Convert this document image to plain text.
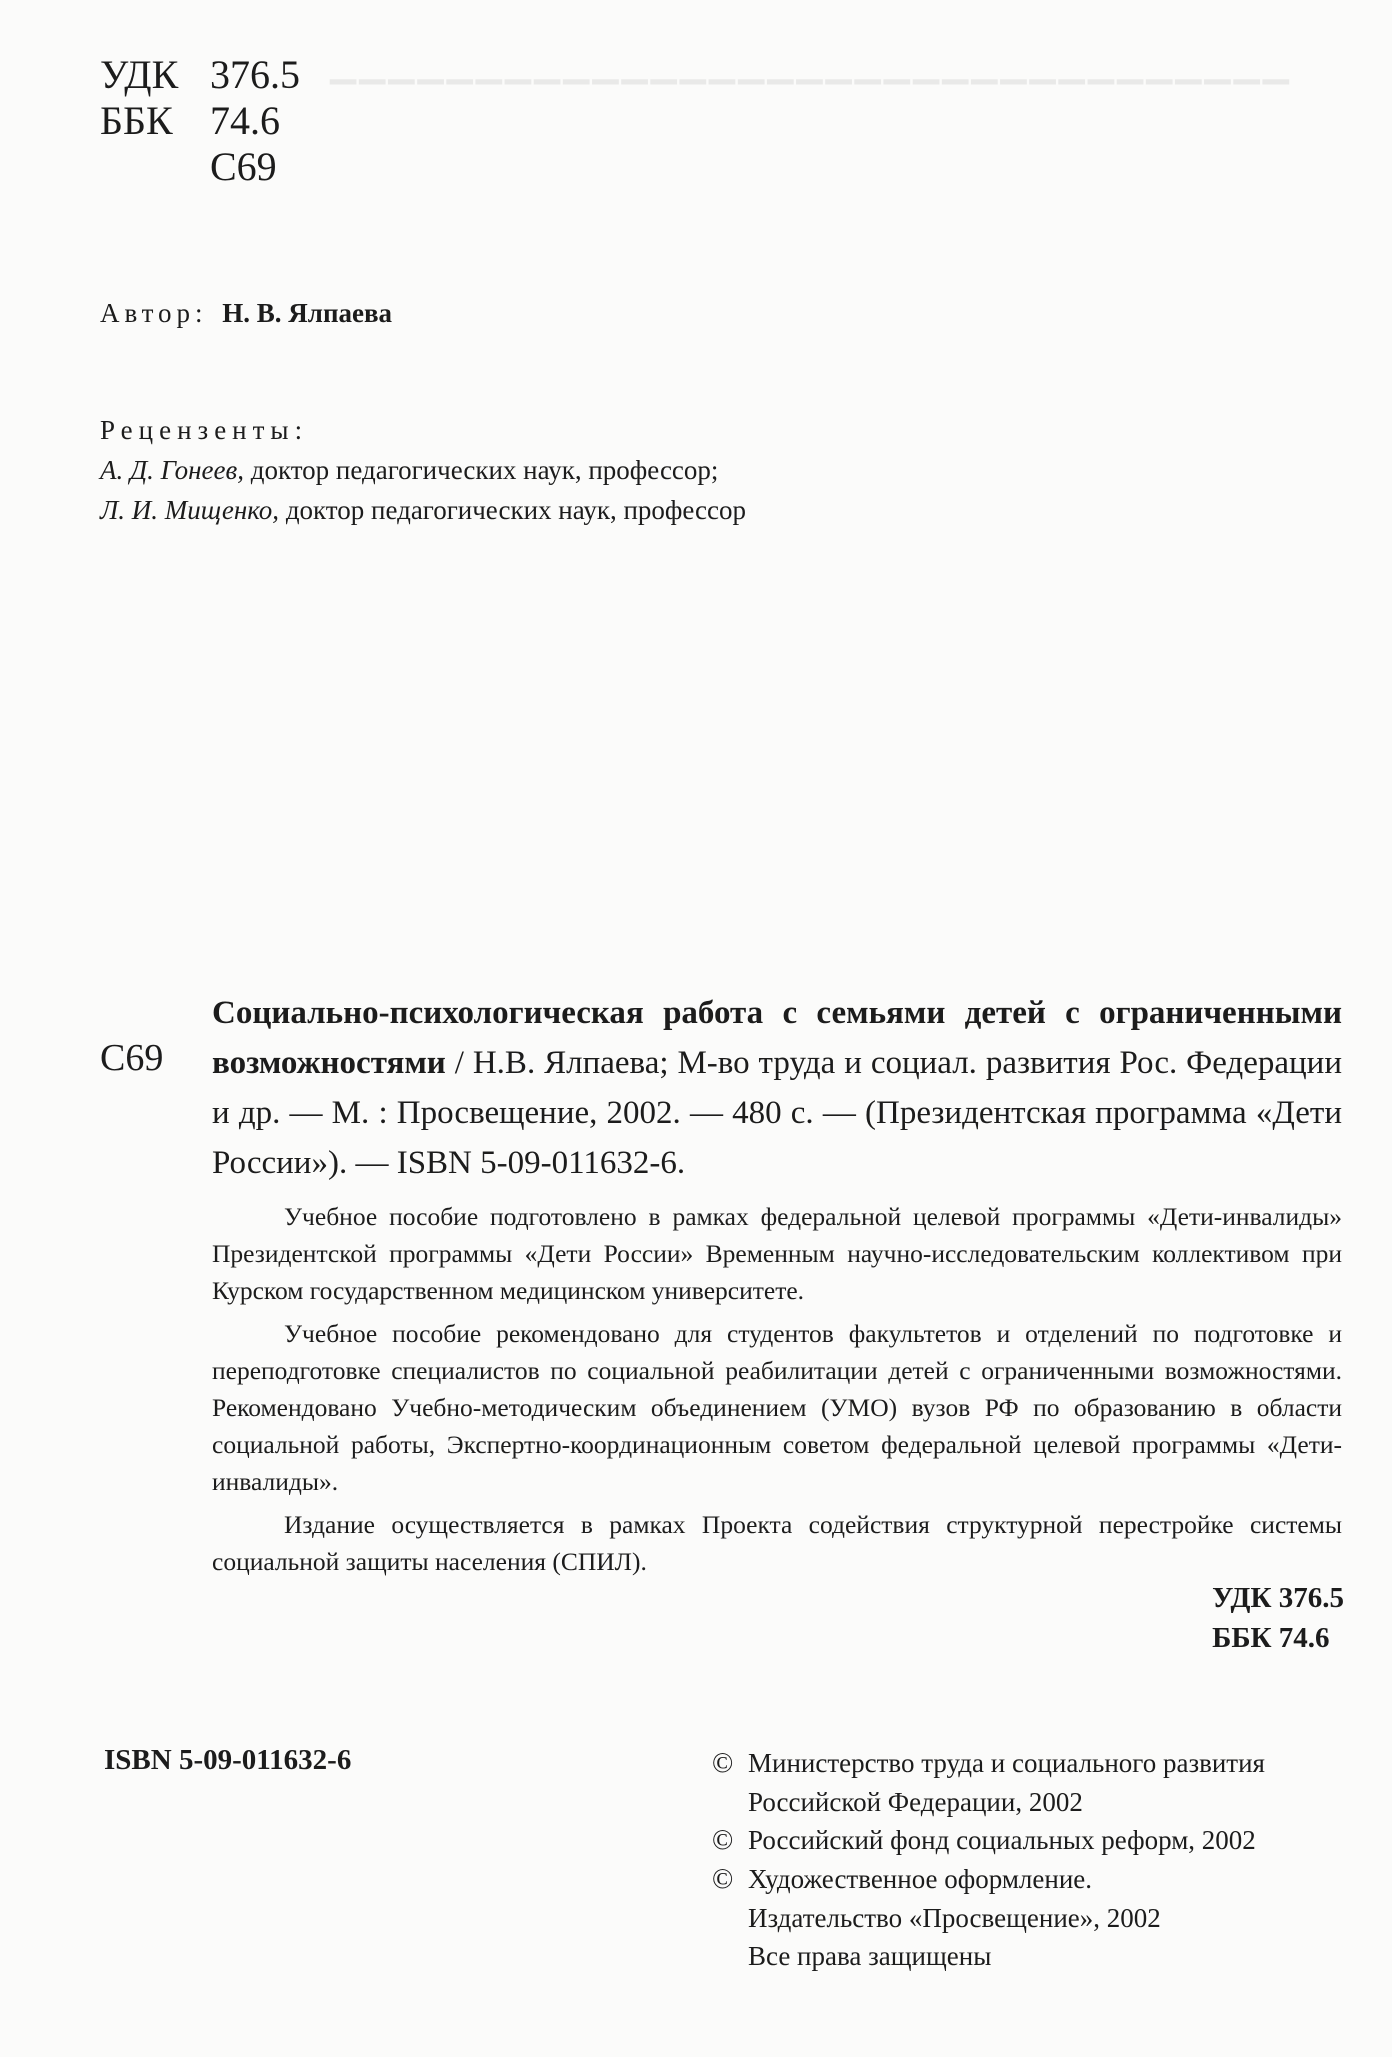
▁▁▁▁▁▁▁▁▁▁▁▁▁▁▁▁▁▁▁▁▁▁▁▁▁▁▁▁▁▁▁▁▁
УДК 376.5
ББК 74.6
С69
Автор: Н. В. Ялпаева
Рецензенты:
А. Д. Гонеев, доктор педагогических наук, профессор;
Л. И. Мищенко, доктор педагогических наук, профессор
С69

Социально-психологическая работа с семьями детей с ограниченными возможностями / Н.В. Ялпаева; М-во труда и социал. развития Рос. Федерации и др. — М. : Просвещение, 2002. — 480 с. — (Президентская программа «Дети России»). — ISBN 5-09-011632-6.

Учебное пособие подготовлено в рамках федеральной целевой программы «Дети-инвалиды» Президентской программы «Дети России» Временным научно-исследовательским коллективом при Курском государственном медицинском университете.

Учебное пособие рекомендовано для студентов факультетов и отделений по подготовке и переподготовке специалистов по социальной реабилитации детей с ограниченными возможностями. Рекомендовано Учебно-методическим объединением (УМО) вузов РФ по образованию в области социальной работы, Экспертно-координационным советом федеральной целевой программы «Дети-инвалиды».

Издание осуществляется в рамках Проекта содействия структурной перестройке системы социальной защиты населения (СПИЛ).

УДК 376.5
ББК 74.6
ISBN 5-09-011632-6	© Министерство труда и социального развития
Российской Федерации, 2002
© Российский фонд социальных реформ, 2002
© Художественное оформление.
Издательство «Просвещение», 2002
Все права защищены
